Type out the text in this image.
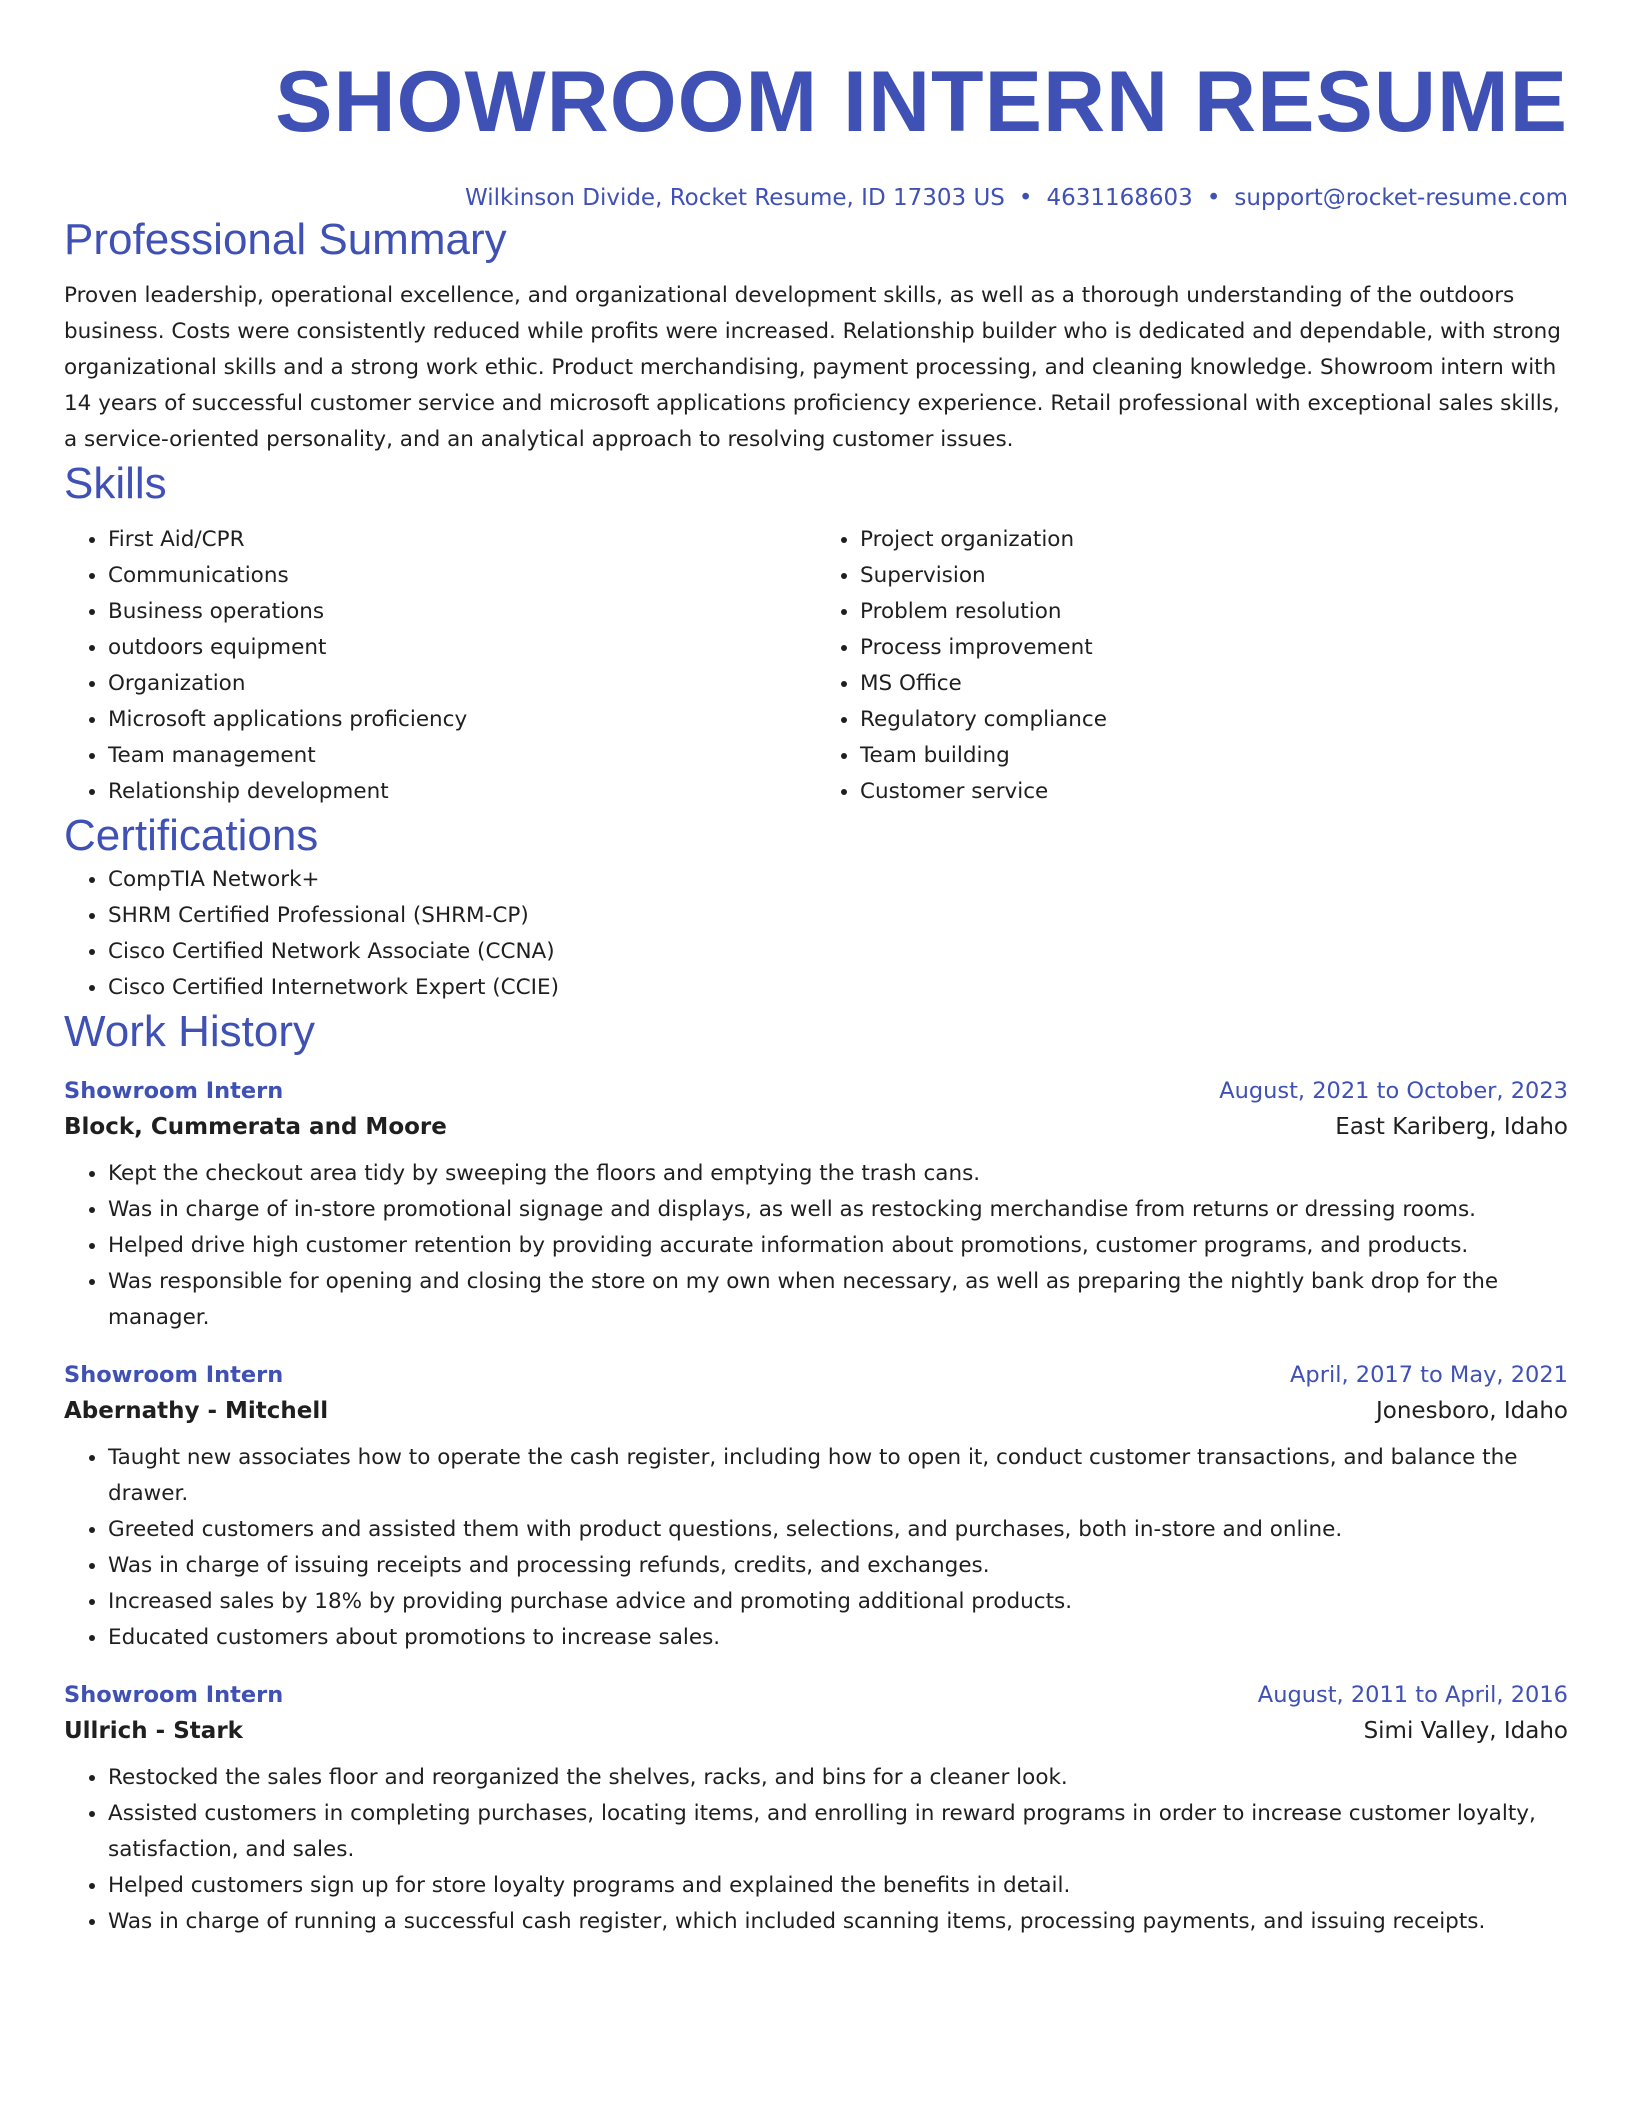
SHOWROOM INTERN RESUME
Wilkinson Divide, Rocket Resume, ID 17303 US • 4631168603 • support@rocket-resume.com
Professional Summary

Proven leadership, operational excellence, and organizational development skills, as well as a thorough understanding of the outdoors business. Costs were consistently reduced while profits were increased. Relationship builder who is dedicated and dependable, with strong organizational skills and a strong work ethic. Product merchandising, payment processing, and cleaning knowledge. Showroom intern with 14 years of successful customer service and microsoft applications proficiency experience. Retail professional with exceptional sales skills, a service-oriented personality, and an analytical approach to resolving customer issues.

Skills
• First Aid/CPR
• Communications
• Business operations
• outdoors equipment
• Organization
• Microsoft applications proficiency
• Team management
• Relationship development
• Project organization
• Supervision
• Problem resolution
• Process improvement
• MS Office
• Regulatory compliance
• Team building
• Customer service
Certifications
• CompTIA Network+
• SHRM Certified Professional (SHRM-CP)
• Cisco Certified Network Associate (CCNA)
• Cisco Certified Internetwork Expert (CCIE)
Work History
Showroom Intern	August, 2021 to October, 2023
Block, Cummerata and Moore	East Kariberg, Idaho
• Kept the checkout area tidy by sweeping the floors and emptying the trash cans.
• Was in charge of in-store promotional signage and displays, as well as restocking merchandise from returns or dressing rooms.
• Helped drive high customer retention by providing accurate information about promotions, customer programs, and products.
• Was responsible for opening and closing the store on my own when necessary, as well as preparing the nightly bank drop for the manager.
Showroom Intern	April, 2017 to May, 2021
Abernathy - Mitchell	Jonesboro, Idaho
• Taught new associates how to operate the cash register, including how to open it, conduct customer transactions, and balance the drawer.
• Greeted customers and assisted them with product questions, selections, and purchases, both in-store and online.
• Was in charge of issuing receipts and processing refunds, credits, and exchanges.
• Increased sales by 18% by providing purchase advice and promoting additional products.
• Educated customers about promotions to increase sales.
Showroom Intern	August, 2011 to April, 2016
Ullrich - Stark	Simi Valley, Idaho
• Restocked the sales floor and reorganized the shelves, racks, and bins for a cleaner look.
• Assisted customers in completing purchases, locating items, and enrolling in reward programs in order to increase customer loyalty, satisfaction, and sales.
• Helped customers sign up for store loyalty programs and explained the benefits in detail.
• Was in charge of running a successful cash register, which included scanning items, processing payments, and issuing receipts.
